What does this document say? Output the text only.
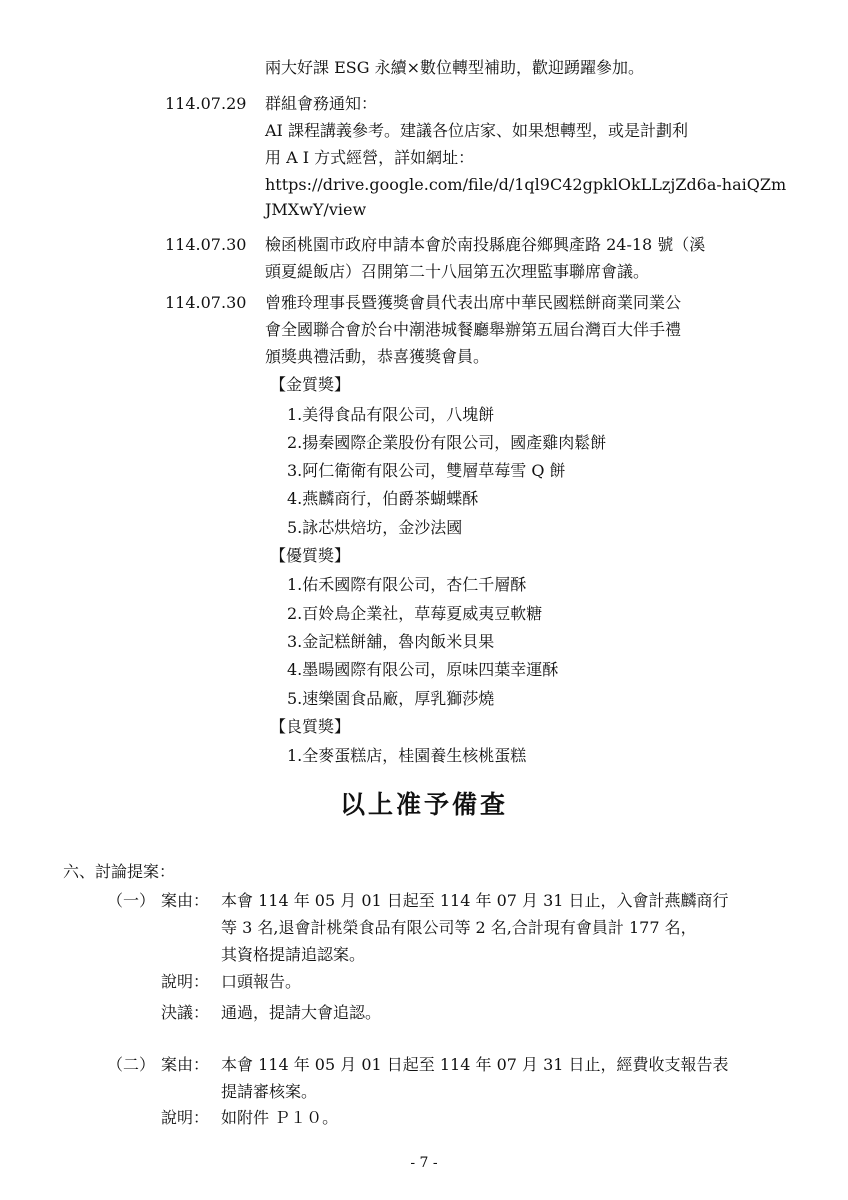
兩大好課 ESG 永續×數位轉型補助，歡迎踴躍參加。
114.07.29	群組會務通知：
AI 課程講義參考。建議各位店家、如果想轉型，或是計劃利
用 A I 方式經營，詳如網址：
https://drive.google.com/file/d/1ql9C42gpklOkLLzjZd6a-haiQZm
JMXwY/view
114.07.30	檢函桃園市政府申請本會於南投縣鹿谷鄉興產路 24-18 號（溪
頭夏緹飯店）召開第二十八屆第五次理監事聯席會議。
114.07.30	曾雅玲理事長暨獲獎會員代表出席中華民國糕餅商業同業公
會全國聯合會於台中潮港城餐廳舉辦第五屆台灣百大伴手禮
頒獎典禮活動，恭喜獲獎會員。
【金質獎】
1.美得食品有限公司，八塊餅
2.揚秦國際企業股份有限公司，國產雞肉鬆餅
3.阿仁衛衛有限公司，雙層草莓雪 Q 餅
4.燕麟商行，伯爵茶蝴蝶酥
5.詠芯烘焙坊，金沙法國
【優質獎】
1.佑禾國際有限公司，杏仁千層酥
2.百姈鳥企業社，草莓夏威夷豆軟糖
3.金記糕餅舖，魯肉飯米貝果
4.墨暘國際有限公司，原味四葉幸運酥
5.速樂園食品廠，厚乳獅莎燒
【良質獎】
1.全麥蛋糕店，桂園養生核桃蛋糕
以上准予備查
六、討論提案：
（一） 案由： 本會 114 年 05 月 01 日起至 114 年 07 月 31 日止，入會計燕麟商行
等 3 名,退會計桃榮食品有限公司等 2 名,合計現有會員計 177 名，
其資格提請追認案。
說明： 口頭報告。
決議： 通過，提請大會追認。
（二） 案由： 本會 114 年 05 月 01 日起至 114 年 07 月 31 日止，經費收支報告表
提請審核案。
說明： 如附件 Ｐ１０。
- 7 -
